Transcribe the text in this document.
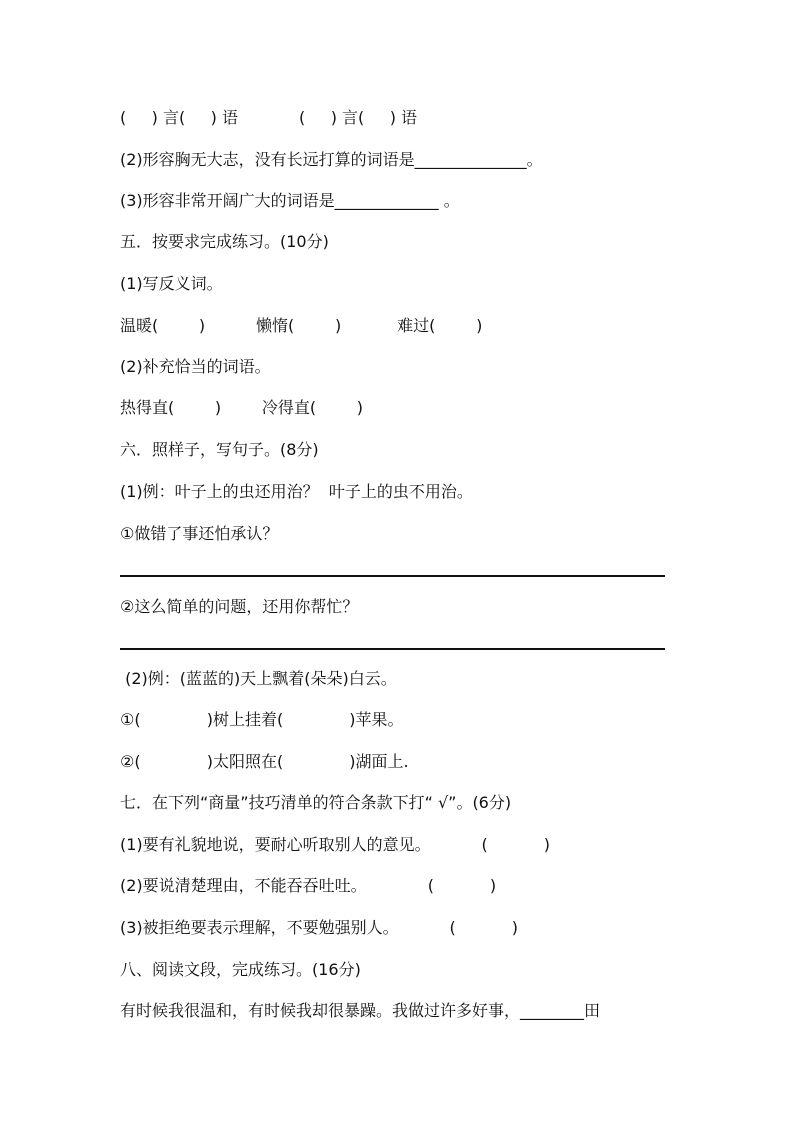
(     ) 言(     ) 语            (     ) 言(     ) 语
(2)形容胸无大志，没有长远打算的词语是______________。
(3)形容非常开阔广大的词语是_____________ 。
五．按要求完成练习。(10分)
(1)写反义词。
温暖(        )          懒惰(        )           难过(        )
(2)补充恰当的词语。
热得直(        )        冷得直(        )
六．照样子，写句子。(8分)
(1)例：叶子上的虫还用治？  叶子上的虫不用治。
①做错了事还怕承认？
②这么简单的问题，还用你帮忙？
(2)例：(蓝蓝的)天上飘着(朵朵)白云。
①(             )树上挂着(             )苹果。
②(             )太阳照在(             )湖面上.
七．在下列“商量”技巧清单的符合条款下打“ √”。(6分)
(1)要有礼貌地说，要耐心听取别人的意见。          (           )
(2)要说清楚理由，不能吞吞吐吐。            (           )
(3)被拒绝要表示理解，不要勉强别人。          (           )
八、阅读文段，完成练习。(16分)
有时候我很温和，有时候我却很暴躁。我做过许多好事，________田
